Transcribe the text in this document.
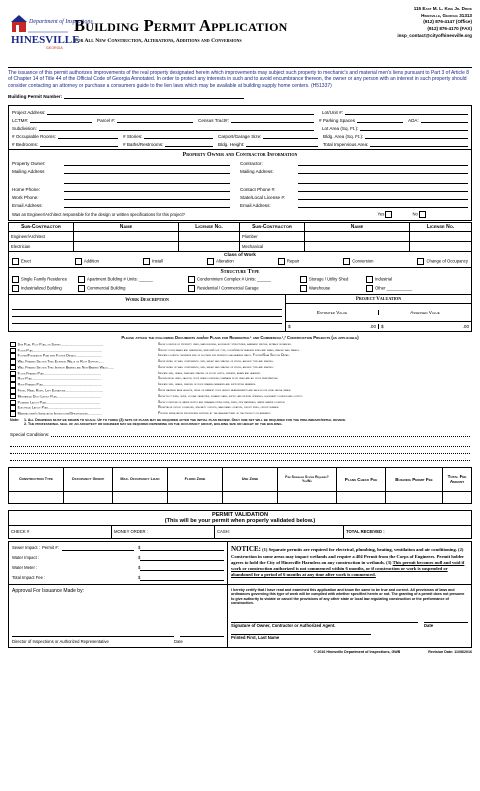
Department of Inspections
HINESVILLE
GEORGIA
Building Permit Application
For All New Construction, Alterations, Additions and Conversions
115 East M. L. King Jr. Drive
Hinesville, Georgia 31313
(912) 876-4147 (Office)
(912) 876-4170 (FAX)
insp_contact@cityofhinesville.org
The issuance of this permit authorizes improvements of the real property designated herein which improvements may subject such property to mechanic's and material men's liens pursuant to Part 3 of Article 8 of Chapter 14 of Title 44 of the Official Code of Georgia Annotated. In order to protect any interests in such and to avoid encumbrance thereon, the owner or any person with an interest in such property should consider contacting an attorney or purchase a consumers guide to the lien laws which may be available at building supply home centers. (H51337)
Building Permit Number:
Project Address:	Lot/Unit #:
LCTM#:	Parcel #:	Census Tract#:	# Parking Spaces	ADA:
Subdivision:	Lot Area (Sq. Ft.):
# Occupiable Rooms:	# Stories:	Carport/Garage Size:	Bldg. Area (Sq. Ft.):
# Bedrooms:	# Baths/Restrooms:	Bldg. Height:	Total Impervious Area:
Property Owner and Contractor Information
Property Owner:
Mailing Address
Home Phone:
Work Phone:
Email Address:
Contractor:
Mailing Address:
Contact Phone #:
State/Local License #:
Email Address:
Was an Engineer/Architect responsible for the design or written specifications for this project?	Yes	No
Sub-Contractor	Name	License No.	Sub-Contractor	Name	License No.
Engineer/Architect			Plumber		
Electrician			Mechanical		
Class of Work
Erect	Addition	Install	Alteration	Repair	Conversion	Change of Occupancy
Structure Type
Single Family Residence	Apartment Building # Units: ______	Condominium Complex # Units: ______	Storage / Utility Shed	Industrial
Industrialized Building	Commercial Building	Residential / Commercial Garage	Warehouse	Other ___________
Work Description	Project Valuation
Estimated Value	Assessed Value
$	.00 $	.00
Please attach the following Documents and/or Plans for Residential¹ and Commercial¹,² Construction Projects (as applicable)
Site Plan, Plot Plan, or Survey............................................	Show location of property lines, main building, accessory structures, easement widths, setback distances.
Floor Plan.......................................................................	Specify room names and dimensions, window/door type, door/window headers sizes and spans, braced wall panels.
Footer/Foundation Plan with Footer Details...........................	Indicate location thickness size of footers for interior load-bearing walls. Footer/Slab Section Detail.
Wall Framing Section Thru Exterior Walls or Roof Support.....	Show detail of wall components, size, height and spacing of studs, anchor type and spacing.
Wall Framing Section Thru Interior Bearing and Non-Bearing Walls......	Show detail of wall components, size, height and spacing of studs, anchor type and spacing.
Floor Framing Plan...........................................................	Indicate size, grade, span and spacing of floor joists, girders, beams and headers.
Roof Plan.......................................................................	Shown ridge lines, valleys, roof drain locations, drainage flow lines and all roof penetrations.
Roof Framing Plan.............................................................	Indicate size, grade, spacing of roof framing members and supporting members.
Front, Rear, Right, Left Elevations.......................................	Show maximum base heights, ridge or parapet roof height measurements and each floor level above grade.
Mechanical Duct Layout Plan..............................................	Show duct runs, sizes, volume capacities, exhaust fans, supply and return openings, equipment location and output.
Plumbing Layout Plan........................................................	Show locations of water supply and drainage piping runs, sizes, pipe materials, water heater location.
Electrical Layout Plan.......................................................	Receptacle outlet locations, specialty outlets, main panel location, circuit runs, circuit number.
Manufacturer's Installation Instructions/Specifications...............	Provide installation procedures supplied by the manufacturer of the product or assembly.
Note:	1. All Drawings must be drawn to scale. Up to three (3) sets of plans may be required after the initial plan review. Only one set will be required for the preliminary/initial review.
2. The professional seal of an architect or engineer may be required depending on the occupancy group, building size or height of the building.
Special Conditions:
Construction Type	Occupancy Group	Max. Occupancy Load	Flood Zone	Use Zone	Fire Sprinkler System Required? Yes/No	Plans Check Fee	Building Permit Fee	Total Fee Amount

PERMIT VALIDATION
(This will be your permit when properly validated below.)
CHECK #	MONEY ORDER :	CASH:	TOTAL RECEIVED :
Sewer Impact : Permit #:	$
Water Impact :	$
Water Meter :	$
Total Impact Fee :	$
NOTICE: (1) Separate permits are required for electrical, plumbing, heating, ventilation and air conditioning. (2) Construction in some areas may impact wetlands and require a 404 Permit from the Corps of Engineers. Permit holder agrees to hold the City of Hinesville Harmless on any construction in wetlands. (3) This permit becomes null and void if work or construction authorized is not commenced within 6 months, or if construction or work is suspended or abandoned for a period of 6 months at any time after work is commenced.
Approval For Issuance Made by:
Director of Inspections or Authorized Representative	Date
I hereby certify that I have read and examined this application and know the same to be true and correct. All provisions of laws and ordinances governing this type of work will be complied with whether specified herein or not. The granting of a permit does not presume to give authority to violate or cancel the provisions of any other state or local law regulating construction or the performance of construction.
Signature of Owner, Contractor or Authorized Agent.	Date
Printed First, Last Name
© 2016 Hinesville Department of Inspections, GWB	Revision Date: 11/08/2016
